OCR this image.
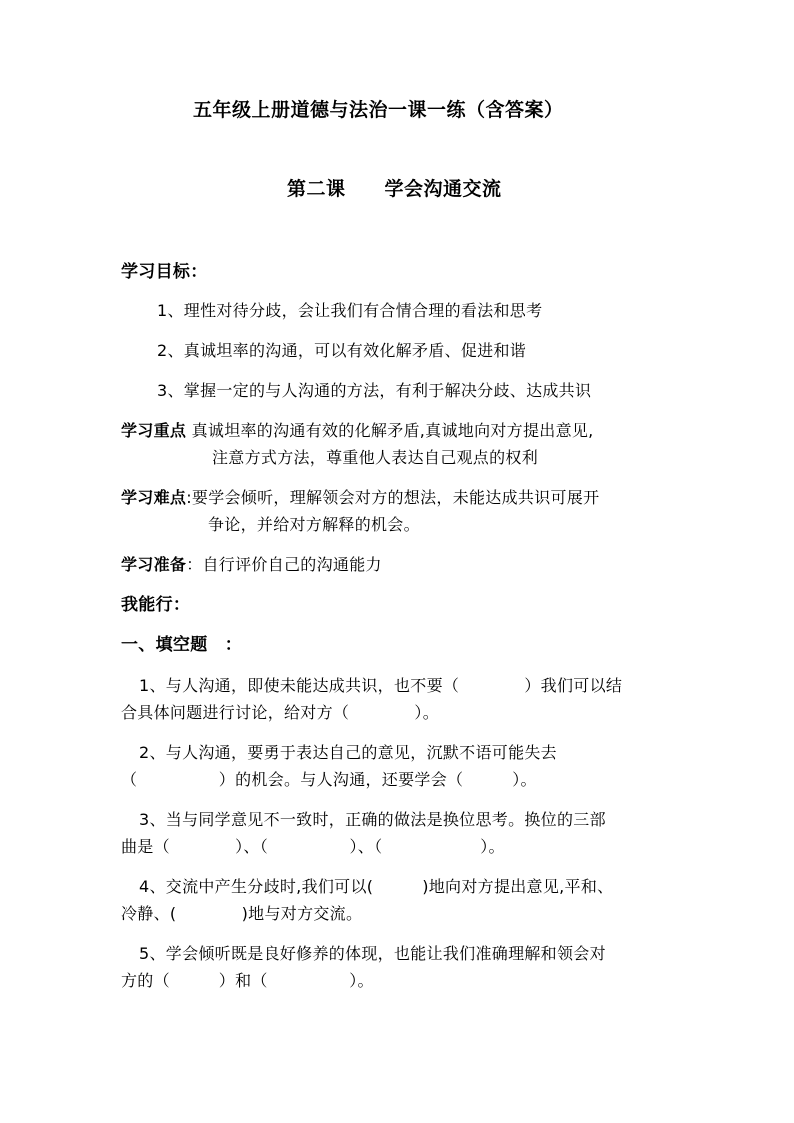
五年级上册道德与法治一课一练（含答案）
第二课　　学会沟通交流
学习目标：
1、理性对待分歧，会让我们有合情合理的看法和思考
2、真诚坦率的沟通，可以有效化解矛盾、促进和谐
3、掌握一定的与人沟通的方法，有利于解决分歧、达成共识
学习重点 真诚坦率的沟通有效的化解矛盾,真诚地向对方提出意见,
注意方式方法，尊重他人表达自己观点的权利
学习难点:要学会倾听，理解领会对方的想法，未能达成共识可展开
争论，并给对方解释的机会。
学习准备：自行评价自己的沟通能力
我能行：
一、填空题　：
1、与人沟通，即使未能达成共识，也不要（　　　　）我们可以结
合具体问题进行讨论，给对方（　　　　）。
2、与人沟通，要勇于表达自己的意见，沉默不语可能失去
（　　　　　）的机会。与人沟通，还要学会（　　　）。
3、当与同学意见不一致时，正确的做法是换位思考。换位的三部
曲是（　　　　）、（　　　　　）、（　　　　　　）。
4、交流中产生分歧时,我们可以(　　　)地向对方提出意见,平和、
冷静、(　　　　)地与对方交流。
5、学会倾听既是良好修养的体现，也能让我们准确理解和领会对
方的（　　　）和（　　　　　）。
